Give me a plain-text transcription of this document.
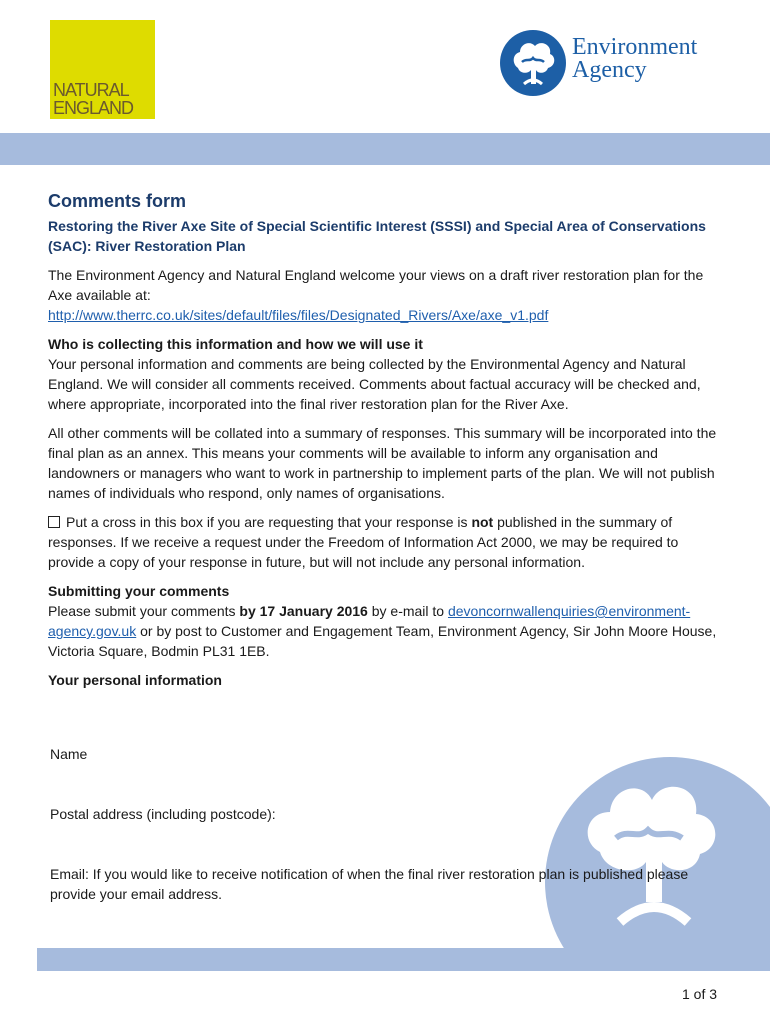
NATURAL
ENGLAND
Environment
Agency
Comments form

Restoring the River Axe Site of Special Scientific Interest (SSSI) and Special Area of Conservations (SAC): River Restoration Plan

The Environment Agency and Natural England welcome your views on a draft river restoration plan for the Axe available at:

http://www.therrc.co.uk/sites/default/files/files/Designated_Rivers/Axe/axe_v1.pdf

Who is collecting this information and how we will use it

Your personal information and comments are being collected by the Environmental Agency and Natural England. We will consider all comments received. Comments about factual accuracy will be checked and, where appropriate, incorporated into the final river restoration plan for the River Axe.

All other comments will be collated into a summary of responses. This summary will be incorporated into the final plan as an annex. This means your comments will be available to inform any organisation and landowners or managers who want to work in partnership to implement parts of the plan. We will not publish names of individuals who respond, only names of organisations.

Put a cross in this box if you are requesting that your response is not published in the summary of responses. If we receive a request under the Freedom of Information Act 2000, we may be required to provide a copy of your response in future, but will not include any personal information.

Submitting your comments

Please submit your comments by 17 January 2016 by e-mail to devoncornwallenquiries@environment-agency.gov.uk or by post to Customer and Engagement Team, Environment Agency, Sir John Moore House, Victoria Square, Bodmin PL31 1EB.

Your personal information

Name
Postal address (including postcode):
Email: If you would like to receive notification of when the final river restoration plan is published please provide your email address.
1 of 3
